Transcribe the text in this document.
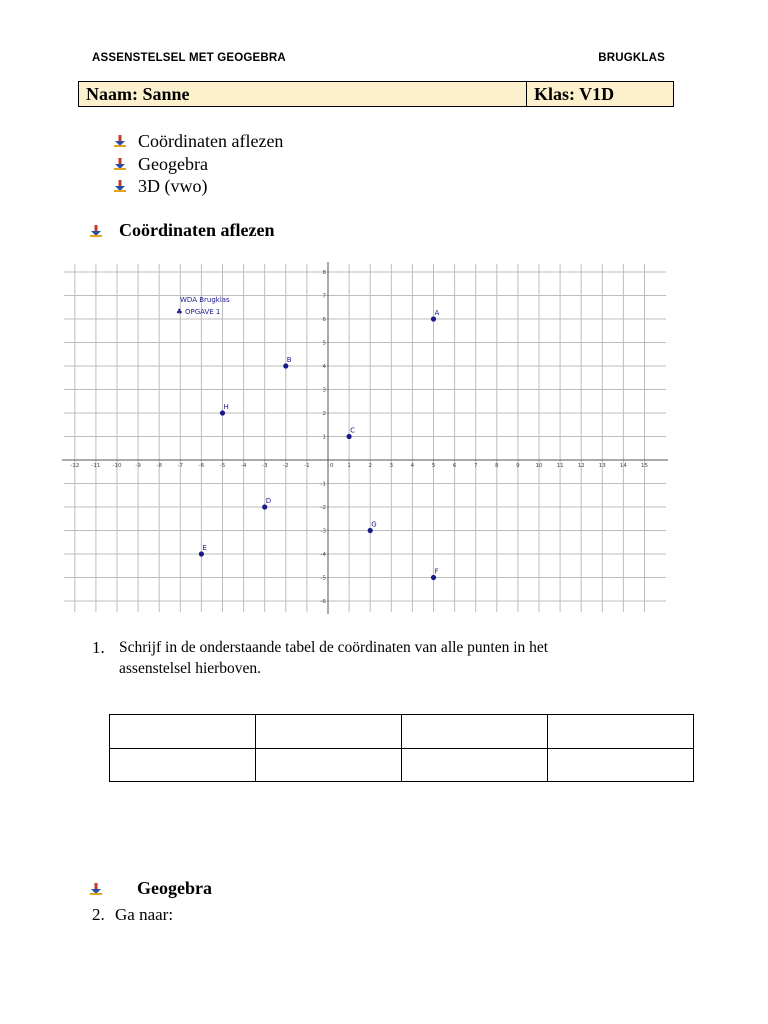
ASSENSTELSEL MET GEOGEBRA	BRUGKLAS
Naam: Sanne	Klas: V1D
Coördinaten aflezen
Geogebra
3D (vwo)
Coördinaten aflezen
-12 -11 -10	-9	-8	-7	-6	-5	-4	-3	-2	-1	0	1	2	3	4	5	6	7	8	9	10	11	12	13	14	15
-6
-5
-4
-3
-2
-1
1
2
3
4
5
6
7
8
WDA Brugklas
♣ OPGAVE 1	A
B
C
D
E
F
G
H
1. Schrijf in de onderstaande tabel de coördinaten van alle punten in het
assenstelsel hierboven.

Geogebra
2. Ga naar:
